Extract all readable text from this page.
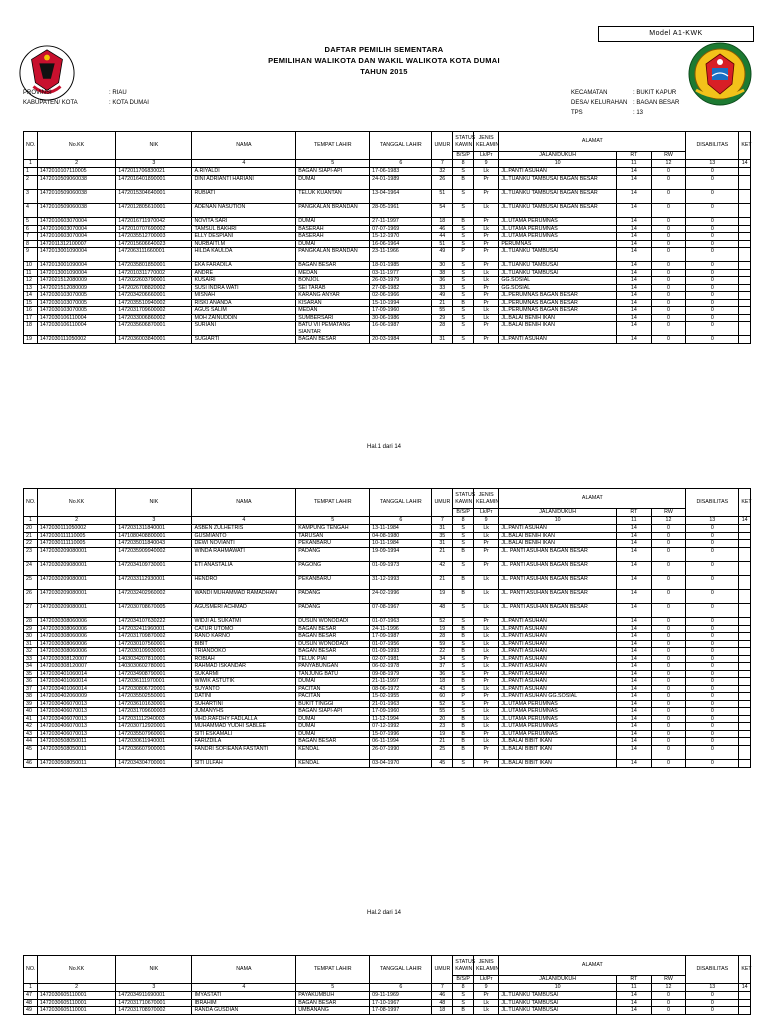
Model A1-KWK
DAFTAR PEMILIH SEMENTARA
PEMILIHAN WALIKOTA DAN WAKIL WALIKOTA KOTA DUMAI
TAHUN 2015
PROVINSI	: RIAU
KABUPATEN/ KOTA	: KOTA DUMAI
KECAMATAN	: BUKIT KAPUR
DESA/ KELURAHAN : BAGAN BESAR
TPS	: 13
NO.	No.KK	NIK	NAMA	TEMPAT LAHIR	TANGGAL LAHIR	UMUR	STATUS KAWIN	JENIS KELAMIN	ALAMAT			DISABILITAS	KET
							B/S/P	Lk/Pr	JALAN/DUKUH	RT	RW		
1	2	3	4	5	6	7	8	9	10	11	12	13	14
1	1472010107110005	1472011706830021	A.RIYALDI	BAGAN SIAPI-API	17-06-1983	32	S	Lk	JL.PANTI ASUHAN	14	0	0	
2	1472010509060038	1472016401890001	DINI ADRIANTI HARIANI	DUMAI	24-01-1989	26	B	Pr	JL.TUANKU TAMBUSAI BAGAN BESAR	14	0	0	
3	1472010509060038	1472015304640001	RUBIATI	TELUK KUANTAN	13-04-1964	51	S	Pr	JL.TUANKU TAMBUSAI BAGAN BESAR	14	0	0	
4	1472010509060038	1472012805610001	ADENAN NASUTION	PANGKALAN BRANDAN	28-05-1961	54	S	Lk	JL.TUANKU TAMBUSAI BAGAN BESAR	14	0	0	
5	1472010603070004	1472016711970042	NOVITA SARI	DUMAI	27-11-1997	18	B	Pr	JL.UTAMA PERUMNAS	14	0	0	
6	1472010603070004	1472010707690002	TAMSUL BAKHRI	BASERAH	07-07-1969	46	S	Lk	JL.UTAMA PERUMNAS	14	0	0	
7	1472010603070004	1472035512700003	ELLY DESPIANI	BASERAH	15-12-1970	44	S	Pr	JL.UTAMA PERUMNAS	14	0	0	
8	1472011312100007	1472015606640023	NURBAITI.M	DUMAI	16-06-1964	51	S	Pr	PERUMNAS	14	0	0	
9	1472013001090004	1472063111660001	HILDA KAULDA	PANGKALAN BRANDAN	23-11-1966	49	P	Pr	JL.TUANKU TAMBUSAI	14	0	0	
10	1472013001090004	1472035801850001	EKA FARADILA	BAGAN BESAR	18-01-1985	30	S	Pr	JL.TUANKU TAMBUSAI	14	0	0	
11	1472013001090004	1472010311770002	ANDRE	MEDAN	03-11-1977	38	S	Lk	JL.TUANKU TAMBUSAI	14	0	0	
12	1472021512080009	1472022603790001	KUSAIRI	BONJOL	26-03-1979	36	S	Lk	GG.SOSIAL	14	0	0	
13	1472021512080009	1472026708820002	SUSI INDRA WATI	SEI TARAB	27-08-1982	33	S	Pr	GG.SOSIAL	14	0	0	
14	1472030103070005	1472034206660001	MISNAH	KARANG ANYAR	02-06-1966	49	S	Pr	JL.PERUMNAS BAGAN BESAR	14	0	0	
15	1472030103070005	1472035510940002	RISKI ANANDA	KISARAN	15-10-1994	21	B	Pr	JL.PERUMNAS BAGAN BESAR	14	0	0	
16	1472030103070005	1472031709600002	AGUS SALIM	MEDAN	17-09-1960	55	S	Lk	JL.PERUMNAS BAGAN BESAR	14	0	0	
17	1472030106110004	1472033006860002	MOH ZAINUDDIN	SUMBERSARI	30-06-1986	29	S	Lk	JL.BALAI BENIH IKAN	14	0	0	
18	1472030106110004	1472035606870001	SURIANI	BATU VII PEMATANG SIANTAR	16-06-1987	28	S	Pr	JL.BALAI BENIH IKAN	14	0	0	
19	1472030111050002	1472036003840001	SUGIARTI	BAGAN BESAR	20-03-1984	31	S	Pr	JL.PANTI ASUHAN	14	0	0	
NO.	No.KK	NIK	NAMA	TEMPAT LAHIR	TANGGAL LAHIR	UMUR	STATUS KAWIN	JENIS KELAMIN	ALAMAT			DISABILITAS	KET
							B/S/P	Lk/Pr	JALAN/DUKUH	RT	RW		
1	2	3	4	5	6	7	8	9	10	11	12	13	14
20	1472030111050002	1472031311840001	ASBEN ZULHETRIS	KAMPUNG TENGAH	13-11-1984	31	S	Lk	JL.PANTI ASUHAN	14	0	0	
21	1472030111110005	1471080408800001	GUSMIANTO	TARUSAN	04-08-1980	35	S	Lk	JL.BALAI BENIH IKAN	14	0	0	
22	1472030111110005	1472035011840043	DEWI NOVIANTI	PEKANBARU	10-11-1984	31	S	Pr	JL.BALAI BENIH IKAN	14	0	0	
23	1472030209080001	1472035909940002	WINDA RAHMAWATI	PADANG	19-09-1994	21	B	Pr	JL. PANTI ASUHAN BAGAN BESAR	14	0	0	
24	1472030209080001	1472034109730001	ETI ANASTALIA	PAGONG	01-09-1973	42	S	Pr	JL. PANTI ASUHAN BAGAN BESAR	14	0	0	
25	1472030209080001	1472033112930001	HENDRO	PEKANBARU	31-12-1993	21	B	Lk	JL. PANTI ASUHAN BAGAN BESAR	14	0	0	
26	1472030209080001	1472032402960002	WANDI MUHAMMAD RAMADHAN	PADANG	24-02-1996	19	B	Lk	JL. PANTI ASUHAN BAGAN BESAR	14	0	0	
27	1472030209080001	1472030708670005	AGUSMERI ACHMAD	PADANG	07-08-1967	48	S	Lk	JL. PANTI ASUHAN BAGAN BESAR	14	0	0	
28	1472030308060006	1472034107630222	WIDJI AL SUKATMI	DUSUN WONODADI	01-07-1963	52	S	Pr	JL.PANTI ASUHAN	14	0	0	
29	1472030308060006	1472032411960001	CATUR UTOMO	BAGAN BESAR	24-11-1996	19	B	Lk	JL.PANTI ASUHAN	14	0	0	
30	1472030308060006	1472031709870002	RANO KARNO	BAGAN BESAR	17-09-1987	28	B	Lk	JL.PANTI ASUHAN	14	0	0	
31	1472030308060006	1472030107560001	BIBIT	DUSUN WONODADI	01-07-1956	59	S	Lk	JL.PANTI ASUHAN	14	0	0	
32	1472030308060006	1472030109930001	TRIANDOKO	BAGAN BESAR	01-09-1993	22	B	Lk	JL.PANTI ASUHAN	14	0	0	
33	1472030308120007	1403034207810001	ROBIAH	TELUK PIAI	02-07-1981	34	S	Pr	JL.PANTI ASUHAN	14	0	0	
34	1472030308120007	1403030602780001	RAHMAD ISKANDAR	PANYABUNGAN	06-02-1978	37	S	Lk	JL.PANTI ASUHAN	14	0	0	
35	1472030401060014	1472034908790001	SUKARMI	TANJUNG BATU	09-08-1979	36	S	Pr	JL.PANTI ASUHAN	14	0	0	
36	1472030401060014	1472036111970001	WIWIK ASTUTIK	DUMAI	21-11-1997	18	B	Pr	JL.PANTI ASUHAN	14	0	0	
37	1472030401060014	1472030806720001	SUYANTO	PACITAN	08-06-1972	43	S	Lk	JL.PANTI ASUHAN	14	0	0	
38	1472030402060009	1472035502550001	DATINI	PACITAN	15-02-1955	60	P	Pr	JL.PANTI ASUHAN GG.SOSIAL	14	0	0	
39	1472030406070013	1472036101630001	SUHARTINI	BUKIT TINGGI	21-01-1963	52	S	Pr	JL.UTAMA PERUMNAS	14	0	0	
40	1472030406070013	1472031709600003	JUMANYHS	BAGAN SIAPI-API	17-09-1960	55	S	Lk	JL.UTAMA PERUMNAS	14	0	0	
41	1472030406070013	1472031112940003	MHD.RAFDHY FADLALLA	DUMAI	11-12-1994	20	B	Lk	JL.UTAMA PERUMNAS	14	0	0	
42	1472030406070013	1472030712920001	MUHAMMAD YUDHI SABLEE	DUMAI	07-12-1992	23	B	Lk	JL.UTAMA PERUMNAS	14	0	0	
43	1472030406070013	1472035507960001	SITI ESKAMALI	DUMAI	15-07-1996	19	B	Pr	JL.UTAMA PERUMNAS	14	0	0	
44	1472030508050011	1472030611940001	FARIZDILA	BAGAN BESAR	06-11-1994	21	B	Lk	JL.BALAI BIBIT IKAN	14	0	0	
45	1472030508050011	1472036607900001	FANDRI SOFIEANA FASTANTI	KENDAL	26-07-1990	25	B	Pr	JL.BALAI BIBIT IKAN	14	0	0	
46	1472030508050011	1472034304700001	SITI ULFAH	KENDAL	03-04-1970	45	S	Pr	JL.BALAI BIBIT IKAN	14	0	0	
NO.	No.KK	NIK	NAMA	TEMPAT LAHIR	TANGGAL LAHIR	UMUR	STATUS KAWIN	JENIS KELAMIN	ALAMAT			DISABILITAS	KET
							B/S/P	Lk/Pr	JALAN/DUKUH	RT	RW		
1	2	3	4	5	6	7	8	9	10	11	12	13	14
47	1472030605110001	1472034911690001	IMYASTATI	PAYAKUMBUH	09-11-1969	46	S	Pr	JL.TUANKU TAMBUSAI	14	0	0	
48	1472030605110001	1472031710670001	IBRAHIM	BAGAN BESAR	17-10-1967	48	S	Lk	JL.TUANKU TAMBUSAI	14	0	0	
49	1472030605110001	1472031708970002	RANDA GUSDIAN	UMBANANG	17-08-1997	18	B	Lk	JL.TUANKU TAMBUSAI	14	0	0	
Hal.1 dari 14
Hal.2 dari 14
